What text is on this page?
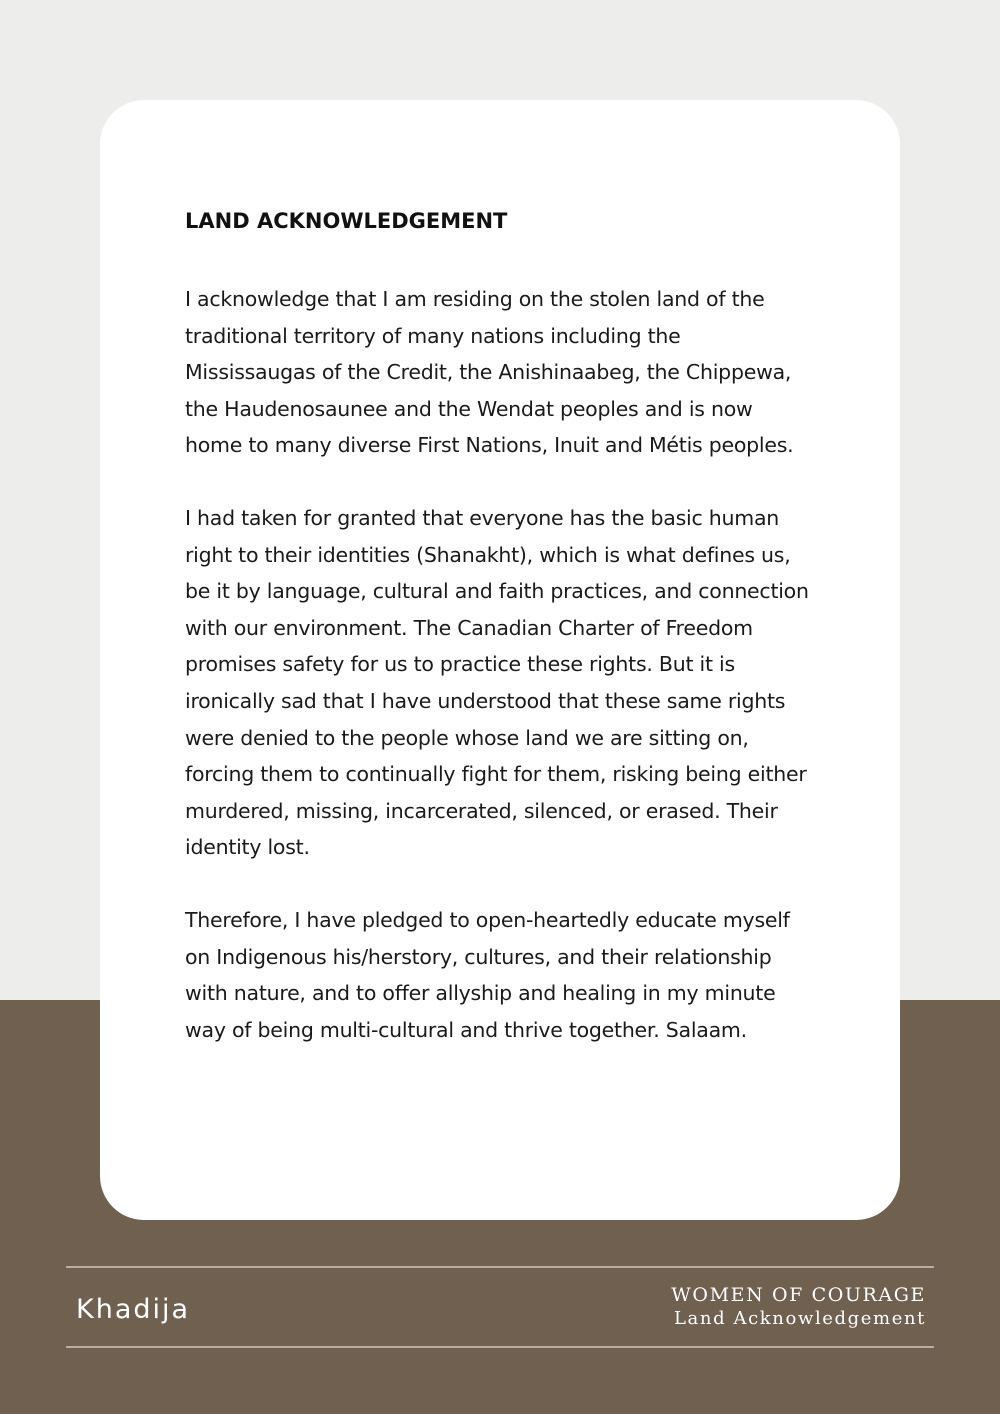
LAND ACKNOWLEDGEMENT

I acknowledge that I am residing on the stolen land of the traditional territory of many nations including the Mississaugas of the Credit, the Anishinaabeg, the Chippewa, the Haudenosaunee and the Wendat peoples and is now home to many diverse First Nations, Inuit and Métis peoples.

I had taken for granted that everyone has the basic human right to their identities (Shanakht), which is what defines us, be it by language, cultural and faith practices, and connection with our environment. The Canadian Charter of Freedom promises safety for us to practice these rights. But it is ironically sad that I have understood that these same rights were denied to the people whose land we are sitting on, forcing them to continually fight for them, risking being either murdered, missing, incarcerated, silenced, or erased. Their identity lost.

Therefore, I have pledged to open-heartedly educate myself on Indigenous his/herstory, cultures, and their relationship with nature, and to offer allyship and healing in my minute way of being multi-cultural and thrive together. Salaam.

Khadija	WOMEN OF COURAGE
Land Acknowledgement
